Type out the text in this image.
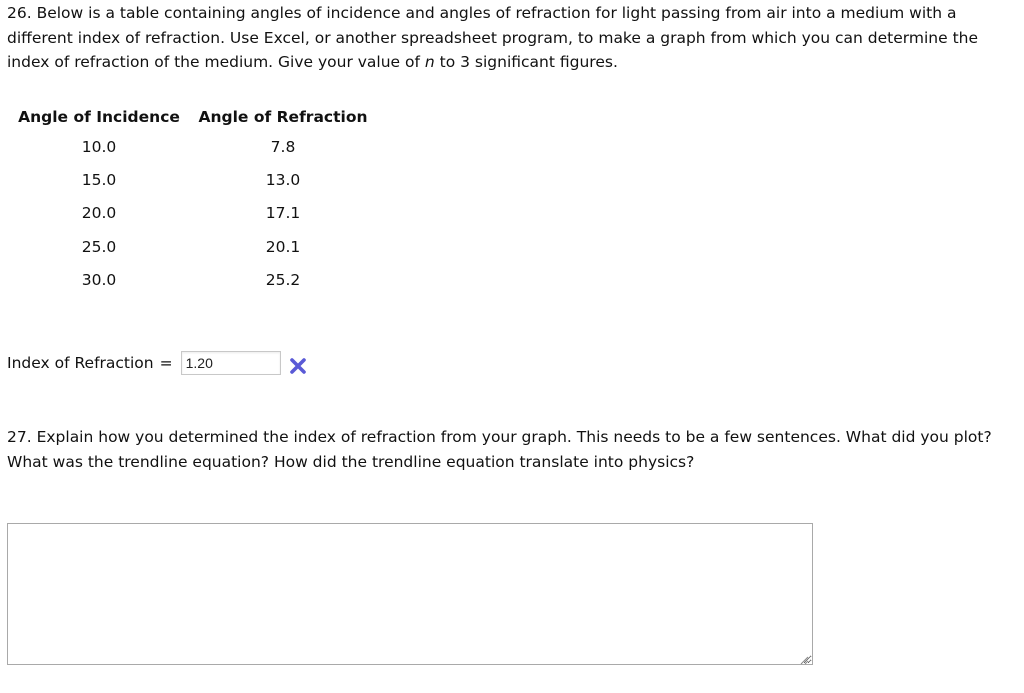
26. Below is a table containing angles of incidence and angles of refraction for light passing from air into a medium with a different index of refraction. Use Excel, or another spreadsheet program, to make a graph from which you can determine the index of refraction of the medium. Give your value of n to 3 significant figures.

Angle of Incidence	Angle of Refraction
10.0	7.8
15.0	13.0
20.0	17.1
25.0	20.1
30.0	25.2
Index of Refraction =
1.20

27. Explain how you determined the index of refraction from your graph. This needs to be a few sentences. What did you plot? What was the trendline equation? How did the trendline equation translate into physics?
